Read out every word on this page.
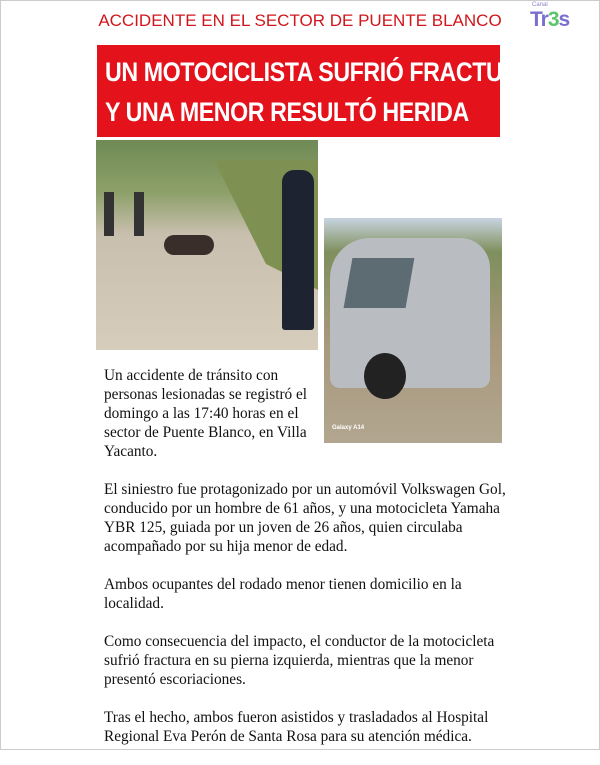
ACCIDENTE EN EL SECTOR DE PUENTE BLANCO
Canal
Tr3s
UN MOTOCICLISTA SUFRIÓ FRACTURA
Y UNA MENOR RESULTÓ HERIDA
Galaxy A14

Un accidente de tránsito con personas lesionadas se registró el domingo a las 17:40 horas en el sector de Puente Blanco, en Villa Yacanto.

El siniestro fue protagonizado por un automóvil Volkswagen Gol, conducido por un hombre de 61 años, y una motocicleta Yamaha YBR 125, guiada por un joven de 26 años, quien circulaba acompañado por su hija menor de edad.

Ambos ocupantes del rodado menor tienen domicilio en la localidad.

Como consecuencia del impacto, el conductor de la motocicleta sufrió fractura en su pierna izquierda, mientras que la menor presentó escoriaciones.

Tras el hecho, ambos fueron asistidos y trasladados al Hospital Regional Eva Perón de Santa Rosa para su atención médica.
